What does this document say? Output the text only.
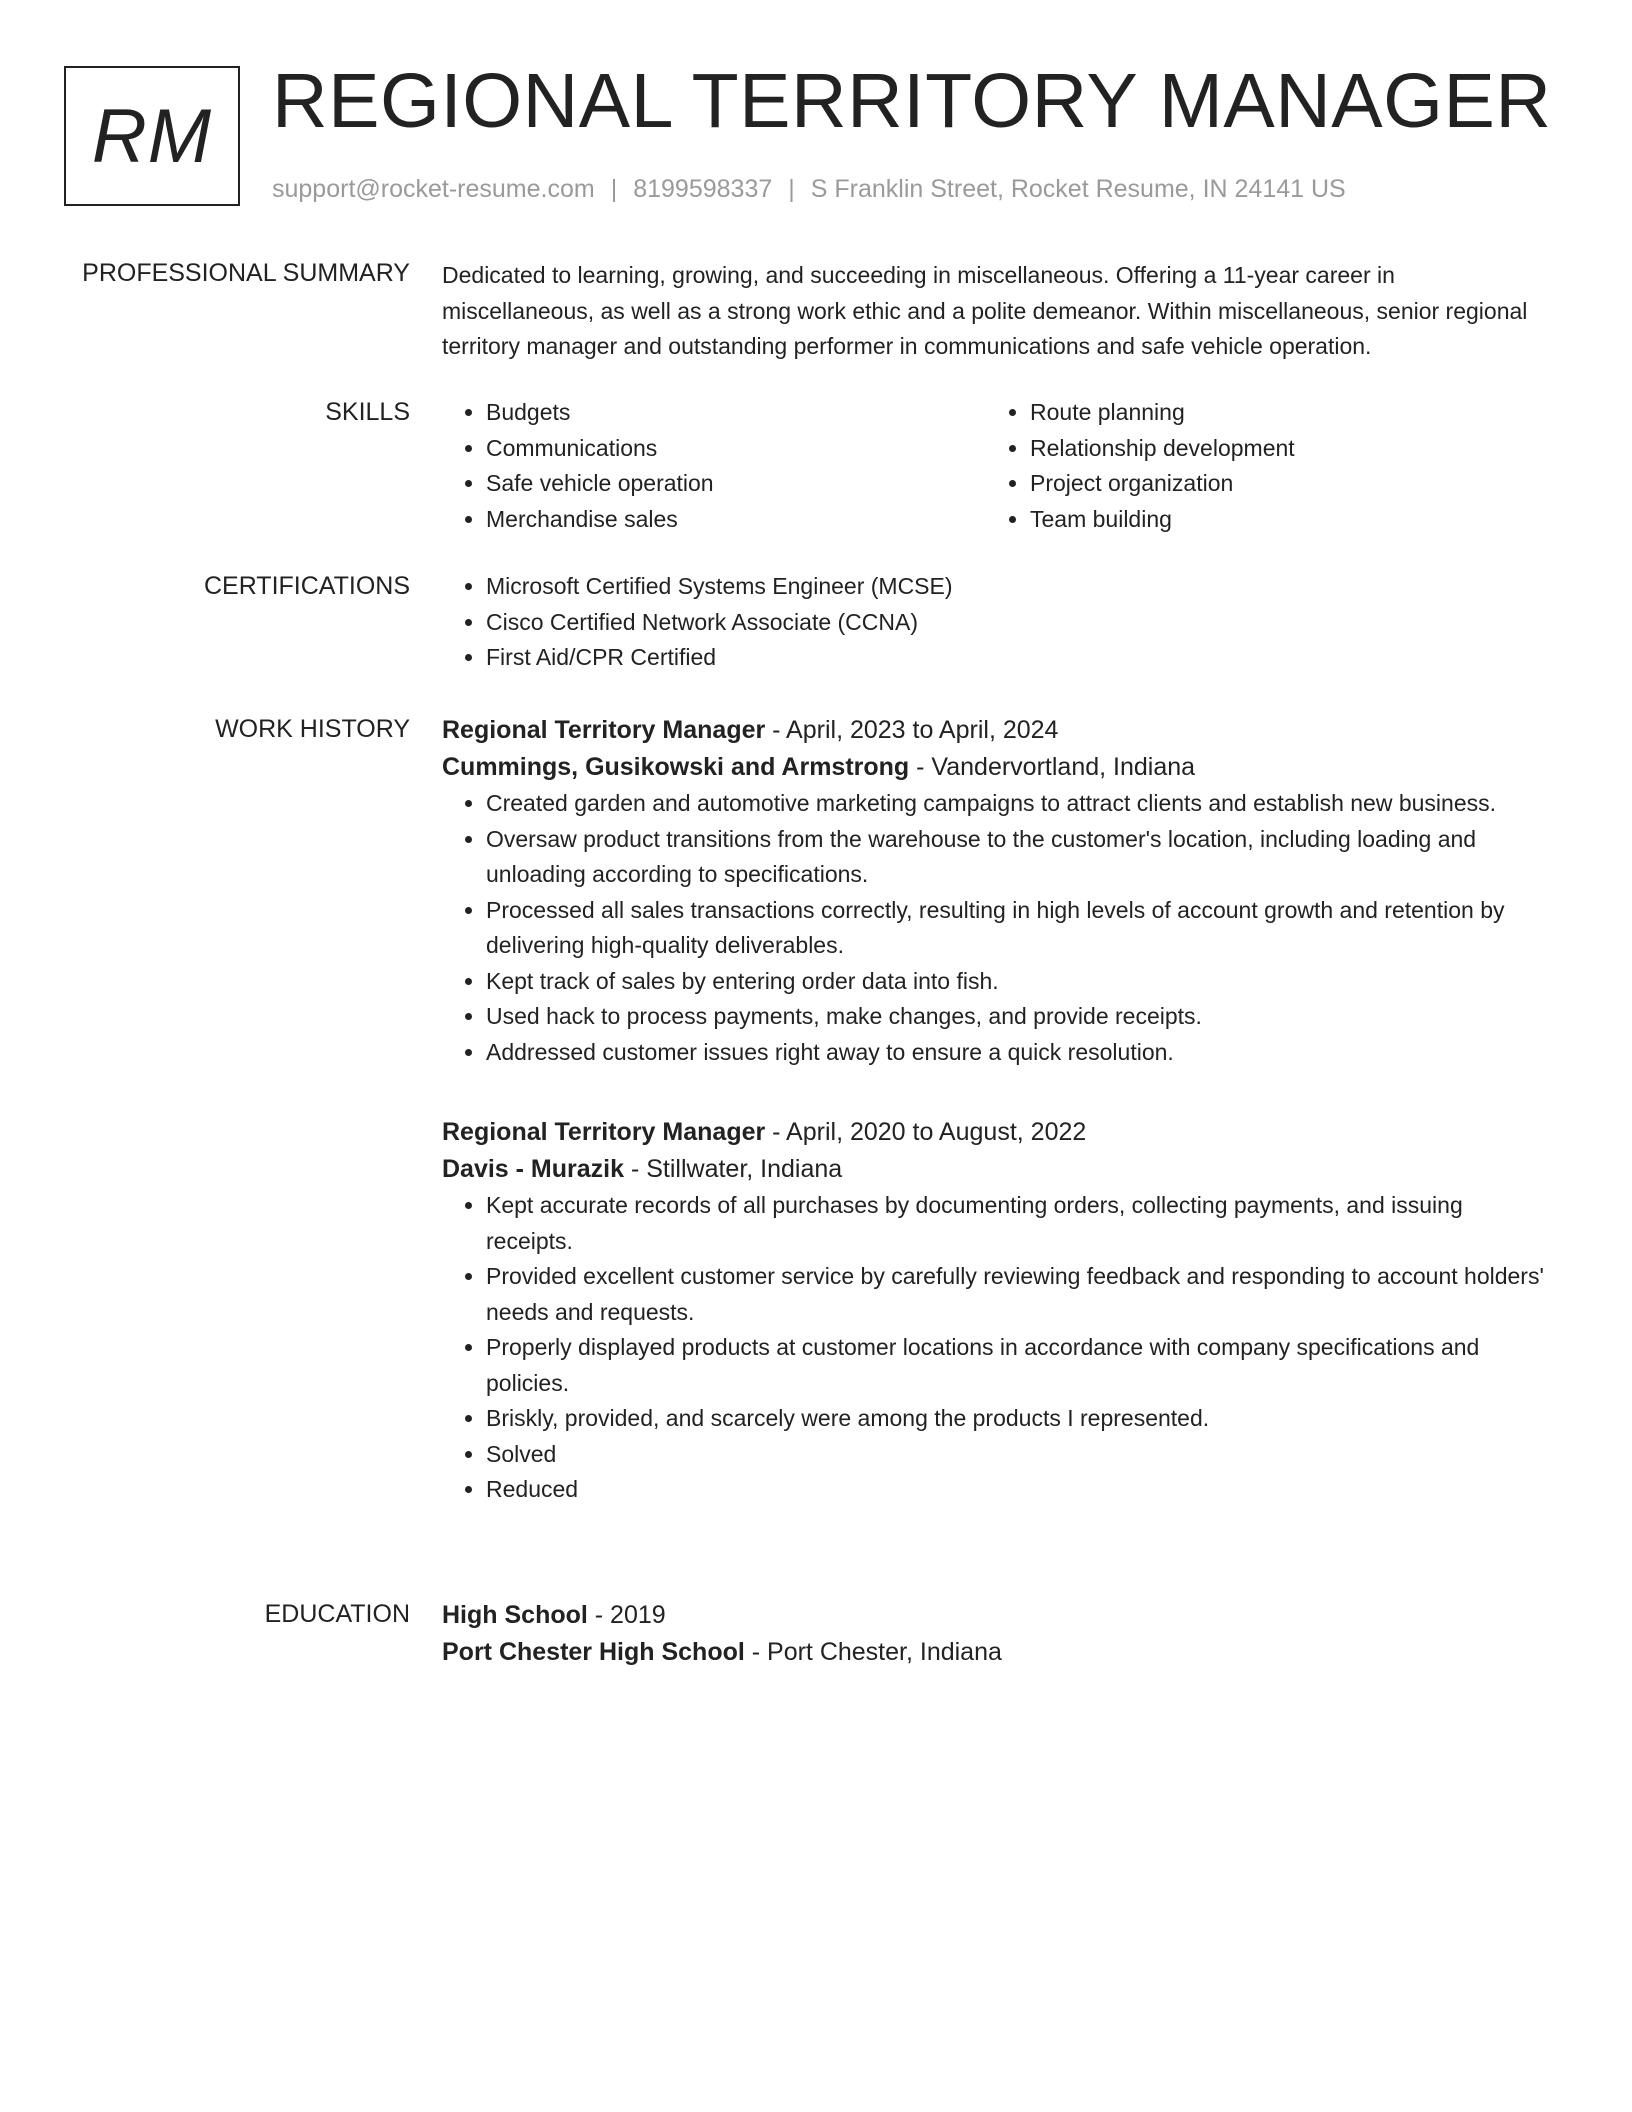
RM REGIONAL TERRITORY MANAGER
support@rocket-resume.com | 8199598337 | S Franklin Street, Rocket Resume, IN 24141 US
PROFESSIONAL SUMMARY Dedicated to learning, growing, and succeeding in miscellaneous. Offering a 11-year career in miscellaneous, as well as a strong work ethic and a polite demeanor. Within miscellaneous, senior regional territory manager and outstanding performer in communications and safe vehicle operation.

SKILLS	• Budgets
• Communications
• Safe vehicle operation
• Merchandise sales
• Route planning
• Relationship development
• Project organization
• Team building
CERTIFICATIONS	• Microsoft Certified Systems Engineer (MCSE)
• Cisco Certified Network Associate (CCNA)
• First Aid/CPR Certified
WORK HISTORY Regional Territory Manager - April, 2023 to April, 2024
Cummings, Gusikowski and Armstrong - Vandervortland, Indiana
• Created garden and automotive marketing campaigns to attract clients and establish new business.
• Oversaw product transitions from the warehouse to the customer's location, including loading and unloading according to specifications.
• Processed all sales transactions correctly, resulting in high levels of account growth and retention by delivering high-quality deliverables.
• Kept track of sales by entering order data into fish.
• Used hack to process payments, make changes, and provide receipts.
• Addressed customer issues right away to ensure a quick resolution.
Regional Territory Manager - April, 2020 to August, 2022
Davis - Murazik - Stillwater, Indiana
• Kept accurate records of all purchases by documenting orders, collecting payments, and issuing receipts.
• Provided excellent customer service by carefully reviewing feedback and responding to account holders' needs and requests.
• Properly displayed products at customer locations in accordance with company specifications and policies.
• Briskly, provided, and scarcely were among the products I represented.
• Solved
• Reduced
EDUCATION High School - 2019
Port Chester High School - Port Chester, Indiana
